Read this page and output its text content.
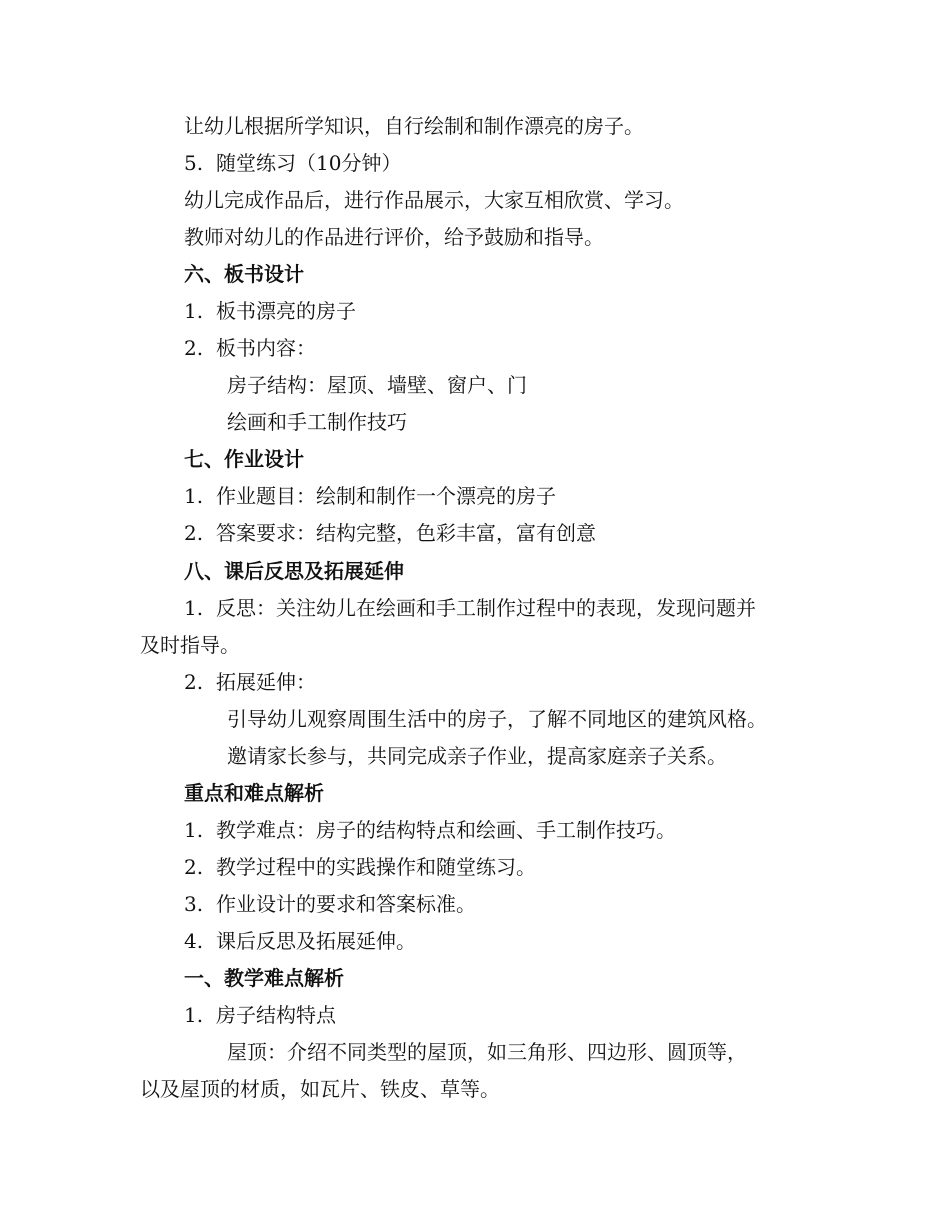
让幼儿根据所学知识，自行绘制和制作漂亮的房子。
5. 随堂练习（10分钟）
幼儿完成作品后，进行作品展示，大家互相欣赏、学习。
教师对幼儿的作品进行评价，给予鼓励和指导。
六、板书设计
1. 板书漂亮的房子
2. 板书内容：
房子结构：屋顶、墙壁、窗户、门
绘画和手工制作技巧
七、作业设计
1. 作业题目：绘制和制作一个漂亮的房子
2. 答案要求：结构完整，色彩丰富，富有创意
八、课后反思及拓展延伸
1. 反思：关注幼儿在绘画和手工制作过程中的表现，发现问题并
及时指导。
2. 拓展延伸：
引导幼儿观察周围生活中的房子，了解不同地区的建筑风格。
邀请家长参与，共同完成亲子作业，提高家庭亲子关系。
重点和难点解析
1. 教学难点：房子的结构特点和绘画、手工制作技巧。
2. 教学过程中的实践操作和随堂练习。
3. 作业设计的要求和答案标准。
4. 课后反思及拓展延伸。
一、教学难点解析
1. 房子结构特点
屋顶：介绍不同类型的屋顶，如三角形、四边形、圆顶等，
以及屋顶的材质，如瓦片、铁皮、草等。
